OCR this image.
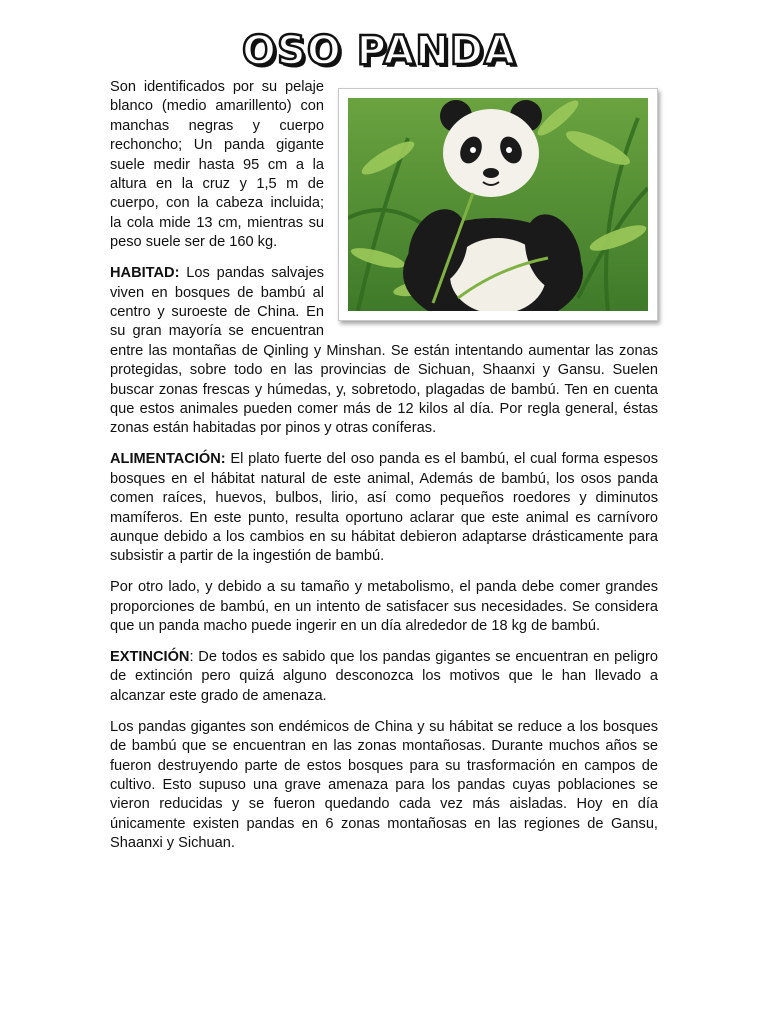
OSO PANDA

Son identificados por su pelaje blanco (medio amarillento) con manchas negras y cuerpo rechoncho; Un panda gigante suele medir hasta 95 cm a la altura en la cruz y 1,5 m de cuerpo, con la cabeza incluida; la cola mide 13 cm, mientras su peso suele ser de 160 kg.

HABITAD: Los pandas salvajes viven en bosques de bambú al centro y suroeste de China. En su gran mayoría se encuentran entre las montañas de Qinling y Minshan. Se están intentando aumentar las zonas protegidas, sobre todo en las provincias de Sichuan, Shaanxi y Gansu. Suelen buscar zonas frescas y húmedas, y, sobretodo, plagadas de bambú. Ten en cuenta que estos animales pueden comer más de 12 kilos al día. Por regla general, éstas zonas están habitadas por pinos y otras coníferas.

ALIMENTACIÓN: El plato fuerte del oso panda es el bambú, el cual forma espesos bosques en el hábitat natural de este animal, Además de bambú, los osos panda comen raíces, huevos, bulbos, lirio, así como pequeños roedores y diminutos mamíferos. En este punto, resulta oportuno aclarar que este animal es carnívoro aunque debido a los cambios en su hábitat debieron adaptarse drásticamente para subsistir a partir de la ingestión de bambú.

Por otro lado, y debido a su tamaño y metabolismo, el panda debe comer grandes proporciones de bambú, en un intento de satisfacer sus necesidades. Se considera que un panda macho puede ingerir en un día alrededor de 18 kg de bambú.

EXTINCIÓN: De todos es sabido que los pandas gigantes se encuentran en peligro de extinción pero quizá alguno desconozca los motivos que le han llevado a alcanzar este grado de amenaza.

Los pandas gigantes son endémicos de China y su hábitat se reduce a los bosques de bambú que se encuentran en las zonas montañosas. Durante muchos años se fueron destruyendo parte de estos bosques para su trasformación en campos de cultivo. Esto supuso una grave amenaza para los pandas cuyas poblaciones se vieron reducidas y se fueron quedando cada vez más aisladas. Hoy en día únicamente existen pandas en 6 zonas montañosas en las regiones de Gansu, Shaanxi y Sichuan.
